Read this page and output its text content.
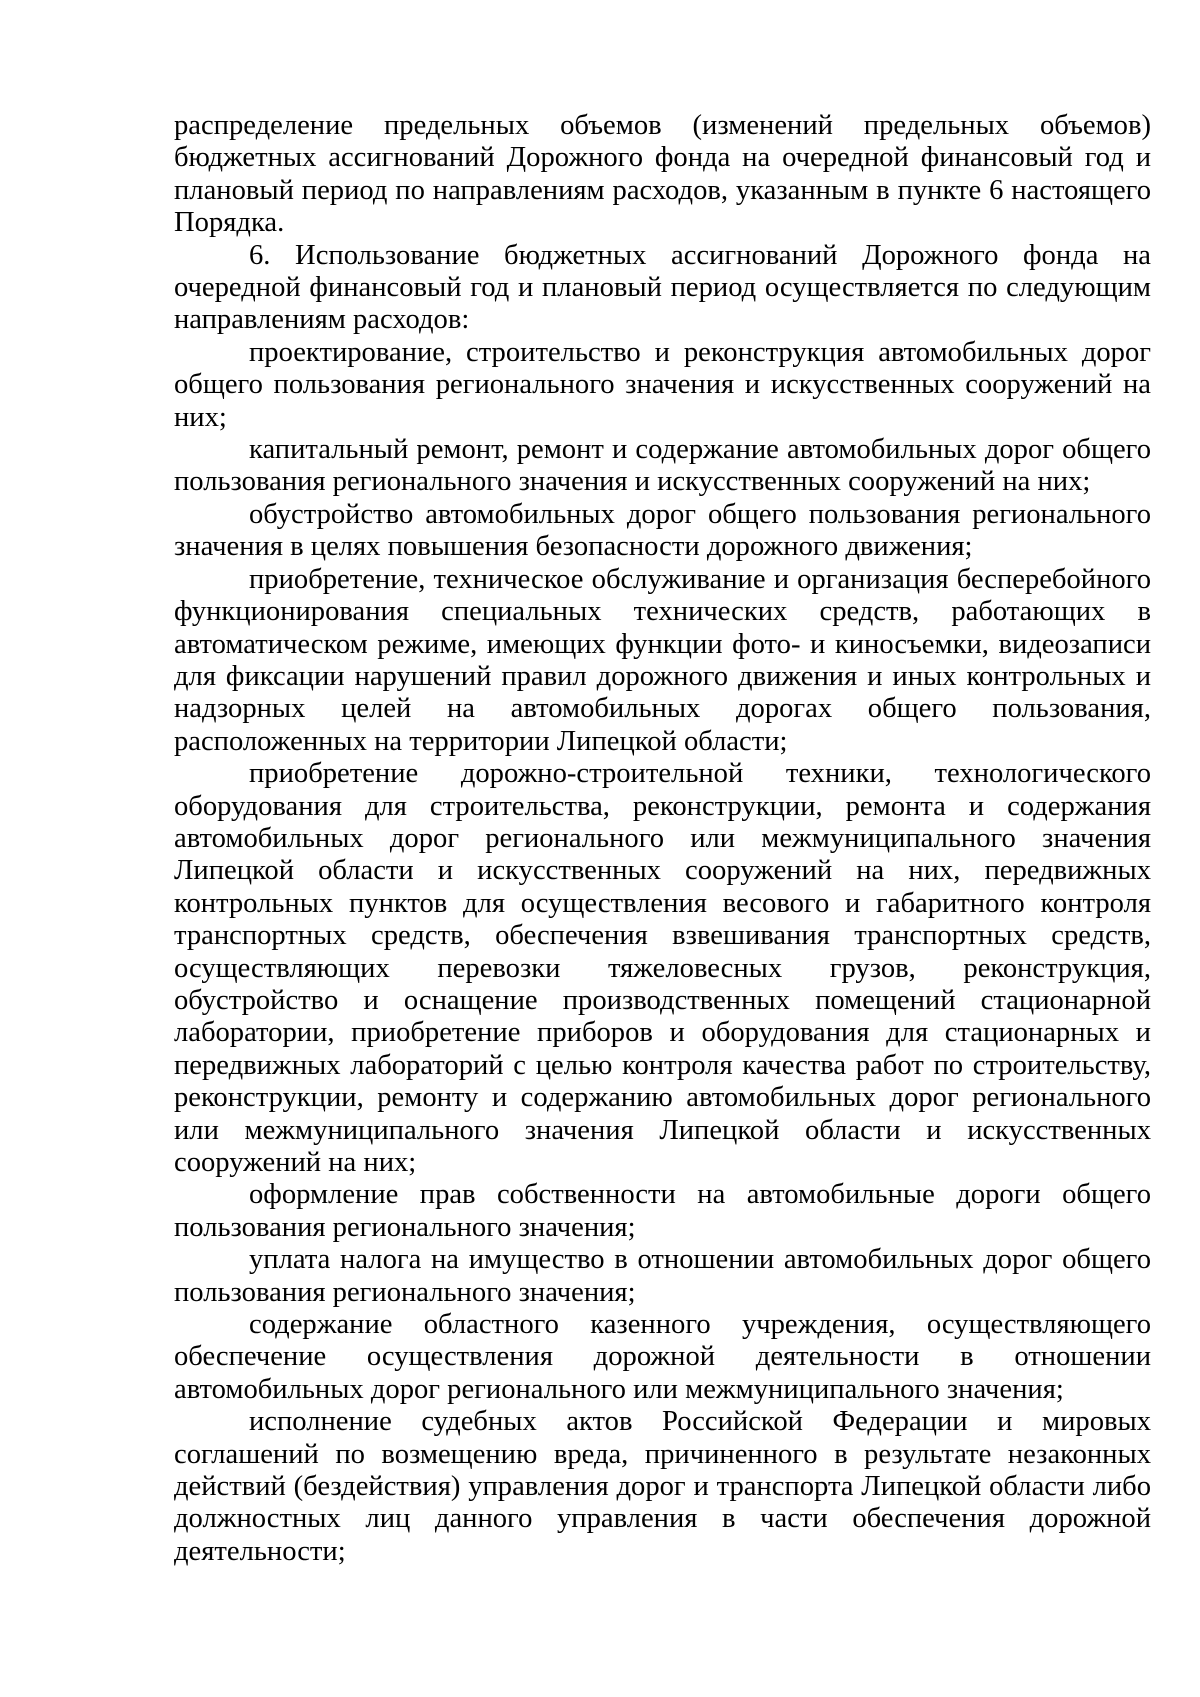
распределение предельных объемов (изменений предельных объемов) бюджетных ассигнований Дорожного фонда на очередной финансовый год и плановый период по направлениям расходов, указанным в пункте 6 настоящего Порядка.

6. Использование бюджетных ассигнований Дорожного фонда на очередной финансовый год и плановый период осуществляется по следующим направлениям расходов:

проектирование, строительство и реконструкция автомобильных дорог общего пользования регионального значения и искусственных сооружений на них;

капитальный ремонт, ремонт и содержание автомобильных дорог общего пользования регионального значения и искусственных сооружений на них;

обустройство автомобильных дорог общего пользования регионального значения в целях повышения безопасности дорожного движения;

приобретение, техническое обслуживание и организация бесперебойного функционирования специальных технических средств, работающих в автоматическом режиме, имеющих функции фото- и киносъемки, видеозаписи для фиксации нарушений правил дорожного движения и иных контрольных и надзорных целей на автомобильных дорогах общего пользования, расположенных на территории Липецкой области;

приобретение дорожно-строительной техники, технологического оборудования для строительства, реконструкции, ремонта и содержания автомобильных дорог регионального или межмуниципального значения Липецкой области и искусственных сооружений на них, передвижных контрольных пунктов для осуществления весового и габаритного контроля транспортных средств, обеспечения взвешивания транспортных средств, осуществляющих перевозки тяжеловесных грузов, реконструкция, обустройство и оснащение производственных помещений стационарной лаборатории, приобретение приборов и оборудования для стационарных и передвижных лабораторий с целью контроля качества работ по строительству, реконструкции, ремонту и содержанию автомобильных дорог регионального или межмуниципального значения Липецкой области и искусственных сооружений на них;

оформление прав собственности на автомобильные дороги общего пользования регионального значения;

уплата налога на имущество в отношении автомобильных дорог общего пользования регионального значения;

содержание областного казенного учреждения, осуществляющего обеспечение осуществления дорожной деятельности в отношении автомобильных дорог регионального или межмуниципального значения;

исполнение судебных актов Российской Федерации и мировых соглашений по возмещению вреда, причиненного в результате незаконных действий (бездействия) управления дорог и транспорта Липецкой области либо должностных лиц данного управления в части обеспечения дорожной деятельности;
